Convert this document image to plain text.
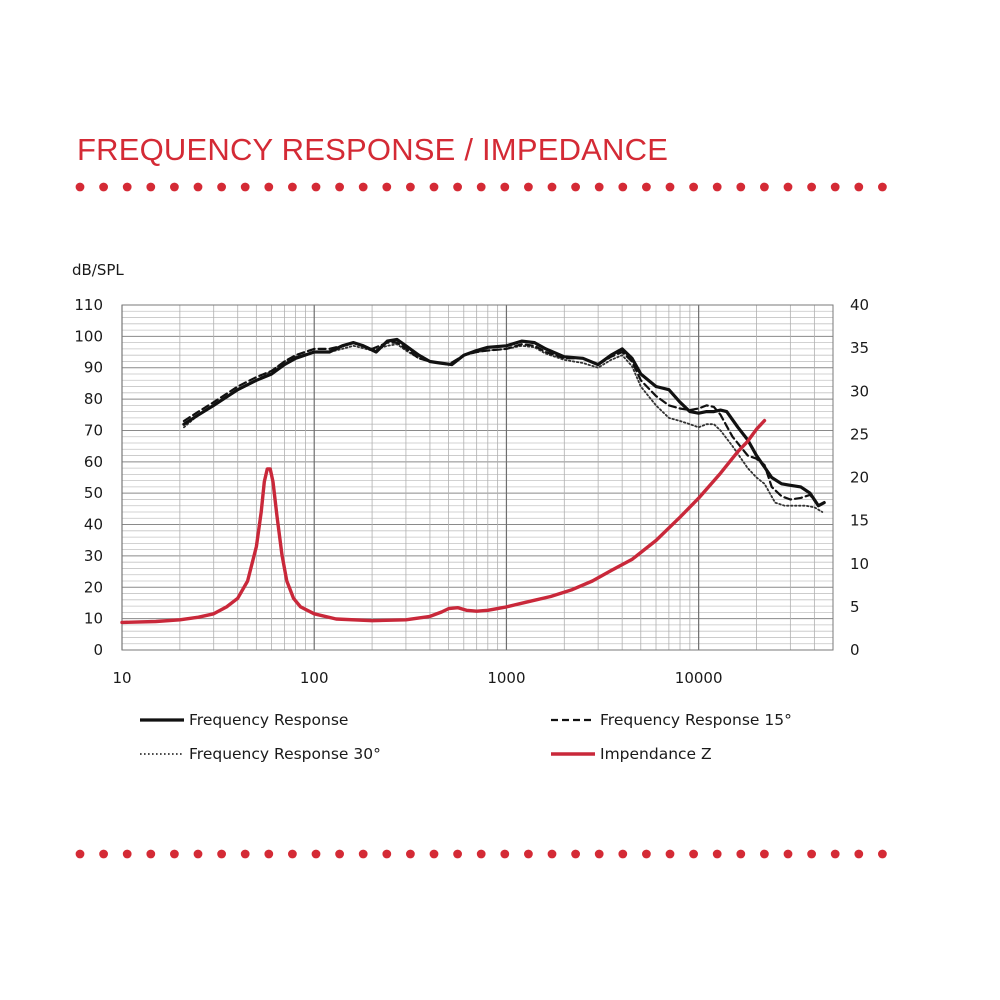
FREQUENCY RESPONSE / IMPEDANCE
0
10
20
30
40
50
60
70
80
90
100
110
0
5
10
15
20
25
30
35
40
10	100	1000	10000
dB/SPL
Frequency Response	Frequency Response 15°
Frequency Response 30°	Impendance Z
